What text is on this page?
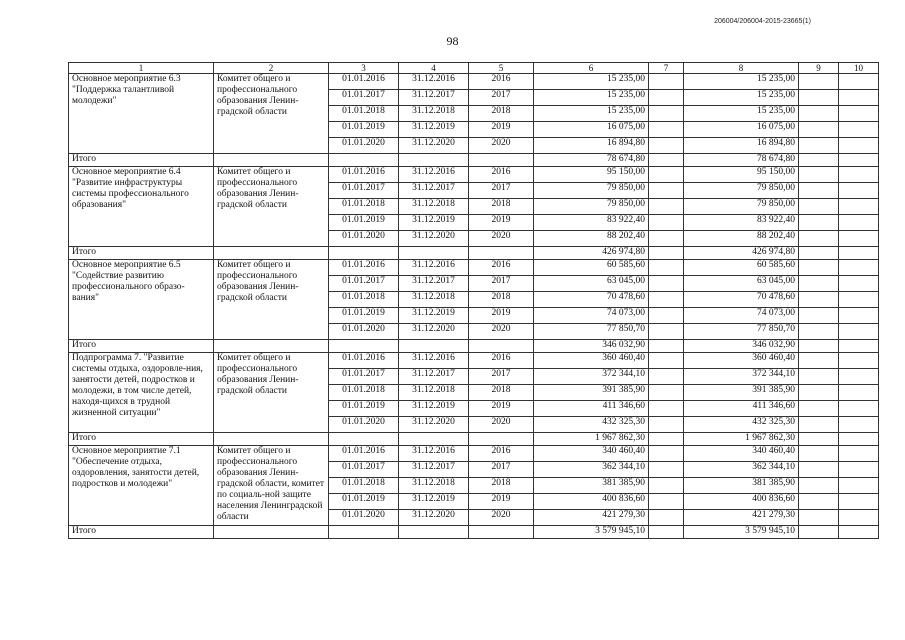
206004/206004-2015-23665(1)
98
1	2	3	4	5	6	7	8	9	10
Основное мероприятие 6.3 "Поддержка талантливой молодежи"	Комитет общего и профессионального образования Ленин-градской области	01.01.2016	31.12.2016	2016	15 235,00		15 235,00		
		01.01.2017	31.12.2017	2017	15 235,00		15 235,00		
		01.01.2018	31.12.2018	2018	15 235,00		15 235,00		
		01.01.2019	31.12.2019	2019	16 075,00		16 075,00		
		01.01.2020	31.12.2020	2020	16 894,80		16 894,80		
Итого					78 674,80		78 674,80		
Основное мероприятие 6.4 "Развитие инфраструктуры системы профессионального образования"	Комитет общего и профессионального образования Ленин-градской области	01.01.2016	31.12.2016	2016	95 150,00		95 150,00		
		01.01.2017	31.12.2017	2017	79 850,00		79 850,00		
		01.01.2018	31.12.2018	2018	79 850,00		79 850,00		
		01.01.2019	31.12.2019	2019	83 922,40		83 922,40		
		01.01.2020	31.12.2020	2020	88 202,40		88 202,40		
Итого					426 974,80		426 974,80		
Основное мероприятие 6.5 "Содействие развитию профессионального образо-вания"	Комитет общего и профессионального образования Ленин-градской области	01.01.2016	31.12.2016	2016	60 585,60		60 585,60		
		01.01.2017	31.12.2017	2017	63 045,00		63 045,00		
		01.01.2018	31.12.2018	2018	70 478,60		70 478,60		
		01.01.2019	31.12.2019	2019	74 073,00		74 073,00		
		01.01.2020	31.12.2020	2020	77 850,70		77 850,70		
Итого					346 032,90		346 032,90		
Подпрограмма 7. "Развитие системы отдыха, оздоровле-ния, занятости детей, подростков и молодежи, в том числе детей, находя-щихся в трудной жизненной ситуации"	Комитет общего и профессионального образования Ленин-градской области	01.01.2016	31.12.2016	2016	360 460,40		360 460,40		
		01.01.2017	31.12.2017	2017	372 344,10		372 344,10		
		01.01.2018	31.12.2018	2018	391 385,90		391 385,90		
		01.01.2019	31.12.2019	2019	411 346,60		411 346,60		
		01.01.2020	31.12.2020	2020	432 325,30		432 325,30		
Итого					1 967 862,30		1 967 862,30		
Основное мероприятие 7.1 "Обеспечение отдыха, оздоровления, занятости детей, подростков и молодежи"	Комитет общего и профессионального образования Ленин-градской области, комитет по социаль-ной защите населения Ленинградской области	01.01.2016	31.12.2016	2016	340 460,40		340 460,40		
		01.01.2017	31.12.2017	2017	362 344,10		362 344,10		
		01.01.2018	31.12.2018	2018	381 385,90		381 385,90		
		01.01.2019	31.12.2019	2019	400 836,60		400 836,60		
		01.01.2020	31.12.2020	2020	421 279,30		421 279,30		
Итого					3 579 945,10		3 579 945,10		
